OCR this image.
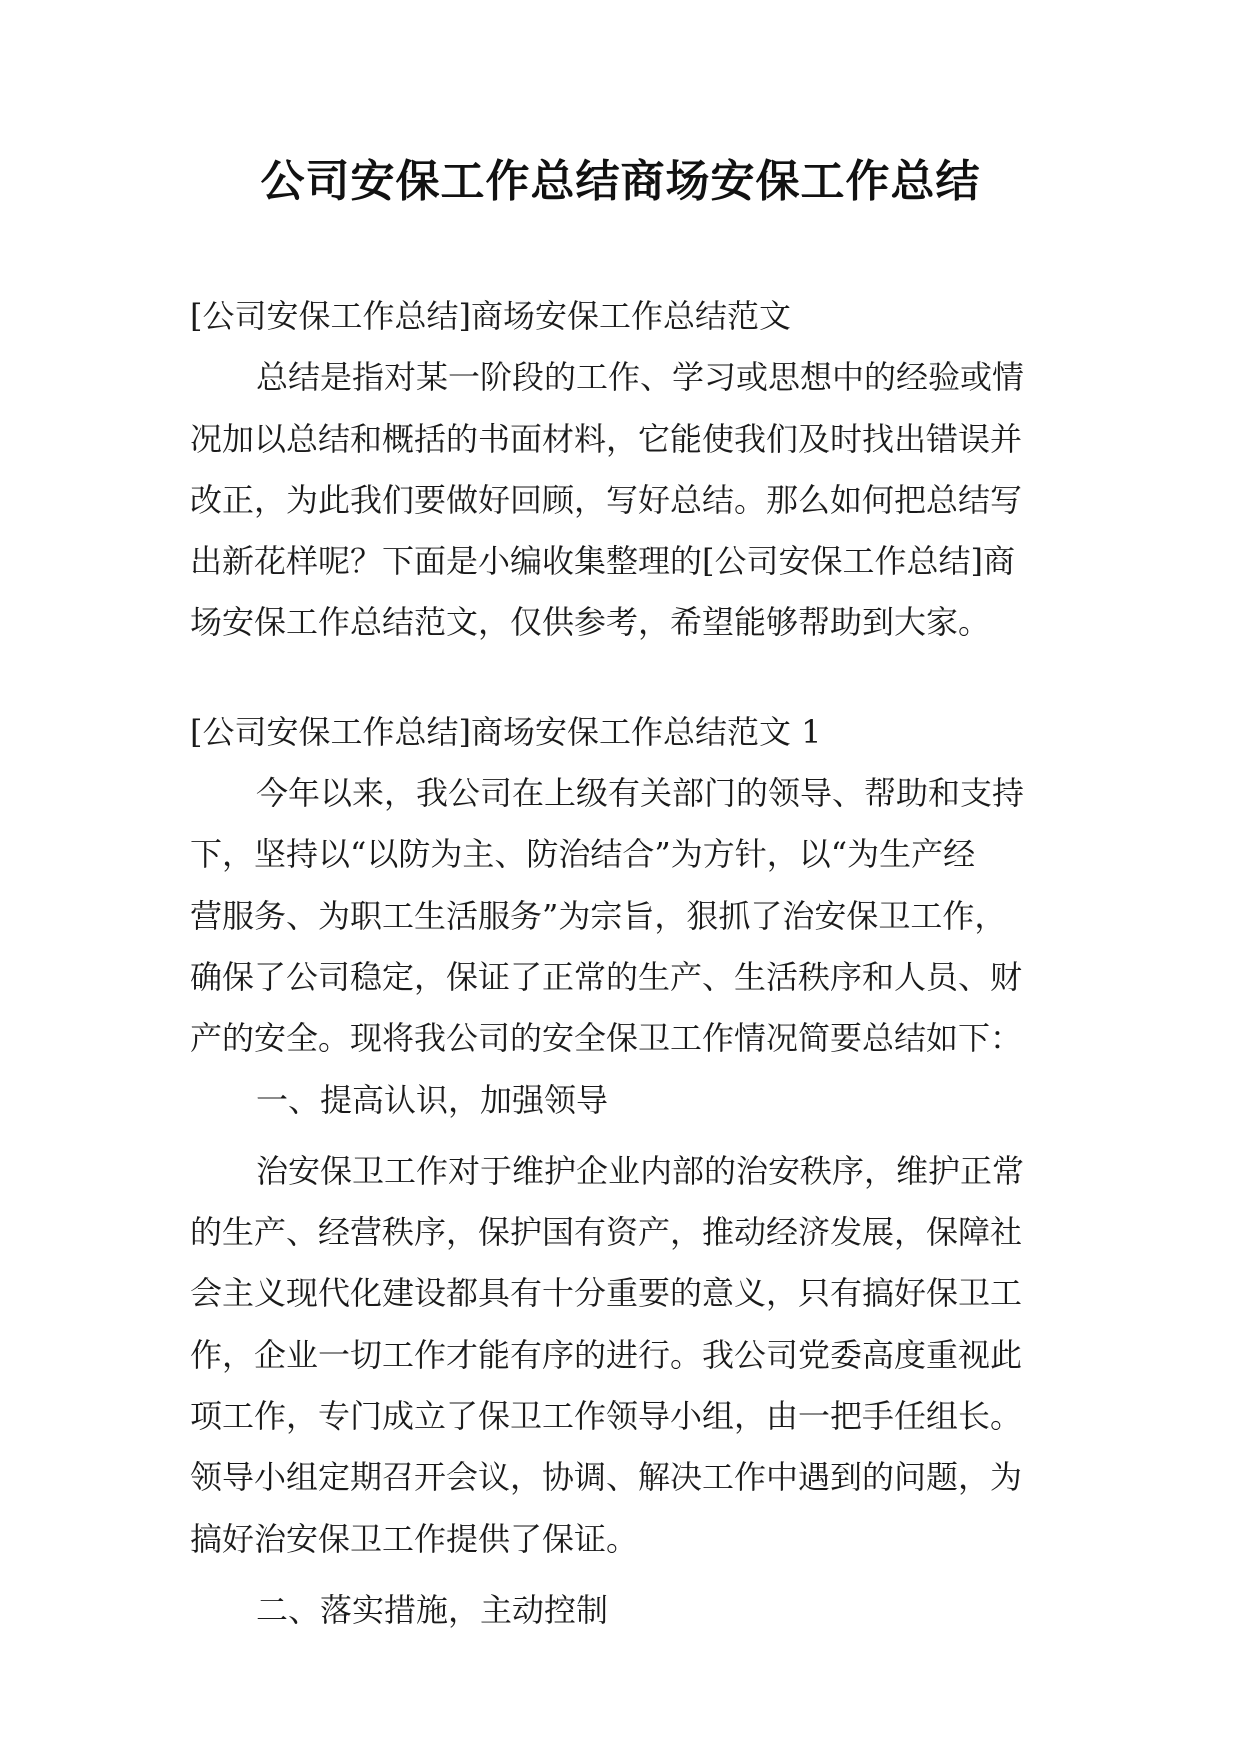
公司安保工作总结商场安保工作总结
[公司安保工作总结]商场安保工作总结范文
总结是指对某一阶段的工作、学习或思想中的经验或情
况加以总结和概括的书面材料，它能使我们及时找出错误并
改正，为此我们要做好回顾，写好总结。那么如何把总结写
出新花样呢？下面是小编收集整理的[公司安保工作总结]商
场安保工作总结范文，仅供参考，希望能够帮助到大家。
[公司安保工作总结]商场安保工作总结范文 1
今年以来，我公司在上级有关部门的领导、帮助和支持
下，坚持以“以防为主、防治结合”为方针，以“为生产经
营服务、为职工生活服务”为宗旨，狠抓了治安保卫工作，
确保了公司稳定，保证了正常的生产、生活秩序和人员、财
产的安全。现将我公司的安全保卫工作情况简要总结如下：
一、提高认识，加强领导
治安保卫工作对于维护企业内部的治安秩序，维护正常
的生产、经营秩序，保护国有资产，推动经济发展，保障社
会主义现代化建设都具有十分重要的意义，只有搞好保卫工
作，企业一切工作才能有序的进行。我公司党委高度重视此
项工作，专门成立了保卫工作领导小组，由一把手任组长。
领导小组定期召开会议，协调、解决工作中遇到的问题，为
搞好治安保卫工作提供了保证。
二、落实措施，主动控制
